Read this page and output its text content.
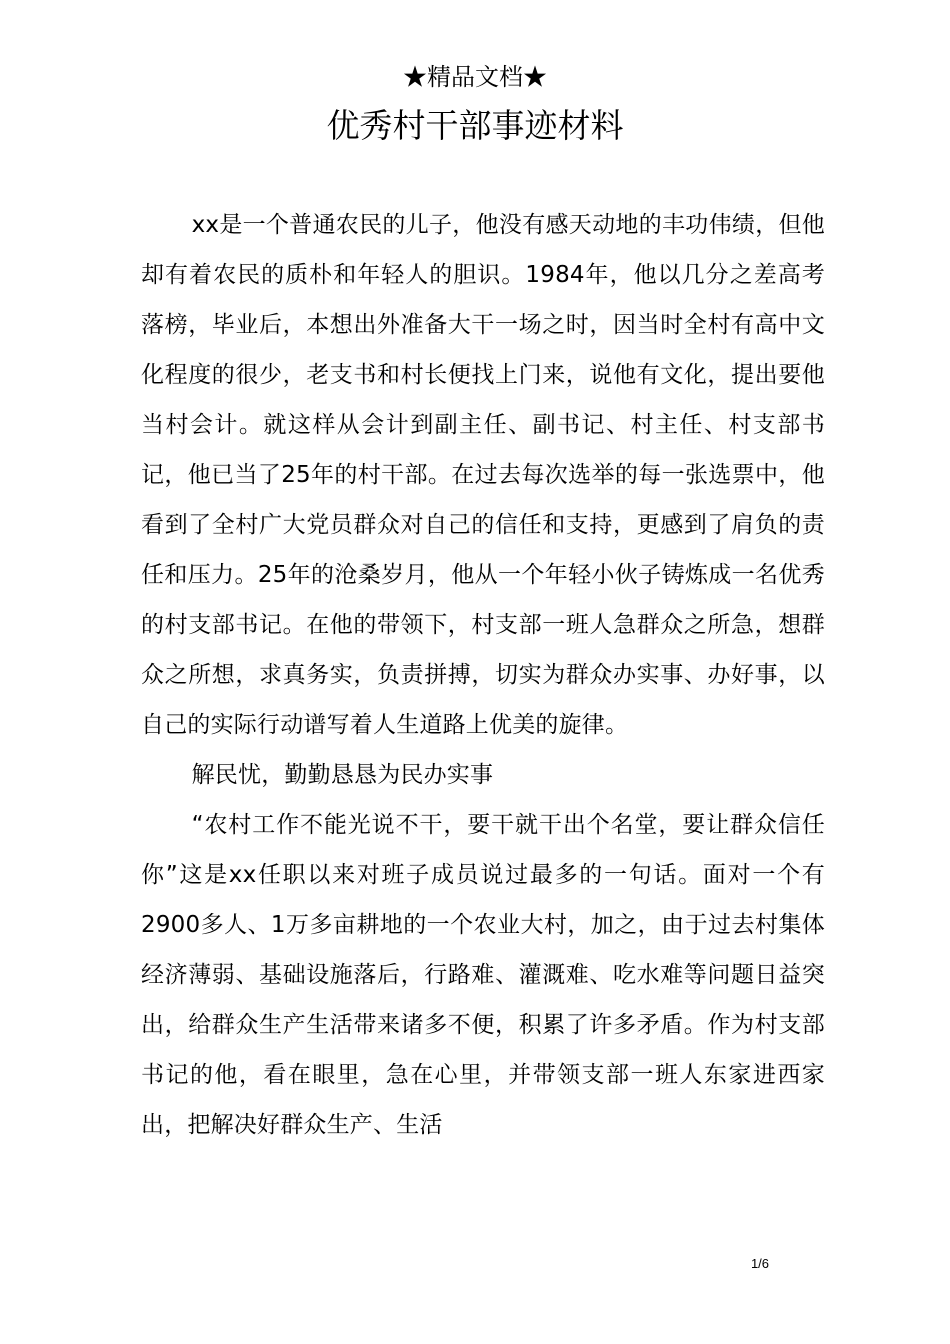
★精品文档★
优秀村干部事迹材料

xx是一个普通农民的儿子，他没有感天动地的丰功伟绩，但他却有着农民的质朴和年轻人的胆识。1984年，他以几分之差高考落榜，毕业后，本想出外准备大干一场之时，因当时全村有高中文化程度的很少，老支书和村长便找上门来，说他有文化，提出要他当村会计。就这样从会计到副主任、副书记、村主任、村支部书记，他已当了25年的村干部。在过去每次选举的每一张选票中，他看到了全村广大党员群众对自己的信任和支持，更感到了肩负的责任和压力。25年的沧桑岁月，他从一个年轻小伙子铸炼成一名优秀的村支部书记。在他的带领下，村支部一班人急群众之所急，想群众之所想，求真务实，负责拼搏，切实为群众办实事、办好事，以自己的实际行动谱写着人生道路上优美的旋律。

解民忧，勤勤恳恳为民办实事

“农村工作不能光说不干，要干就干出个名堂，要让群众信任你”这是xx任职以来对班子成员说过最多的一句话。面对一个有2900多人、1万多亩耕地的一个农业大村，加之，由于过去村集体经济薄弱、基础设施落后，行路难、灌溉难、吃水难等问题日益突出，给群众生产生活带来诸多不便，积累了许多矛盾。作为村支部书记的他，看在眼里，急在心里，并带领支部一班人东家进西家出，把解决好群众生产、生活

1/6
